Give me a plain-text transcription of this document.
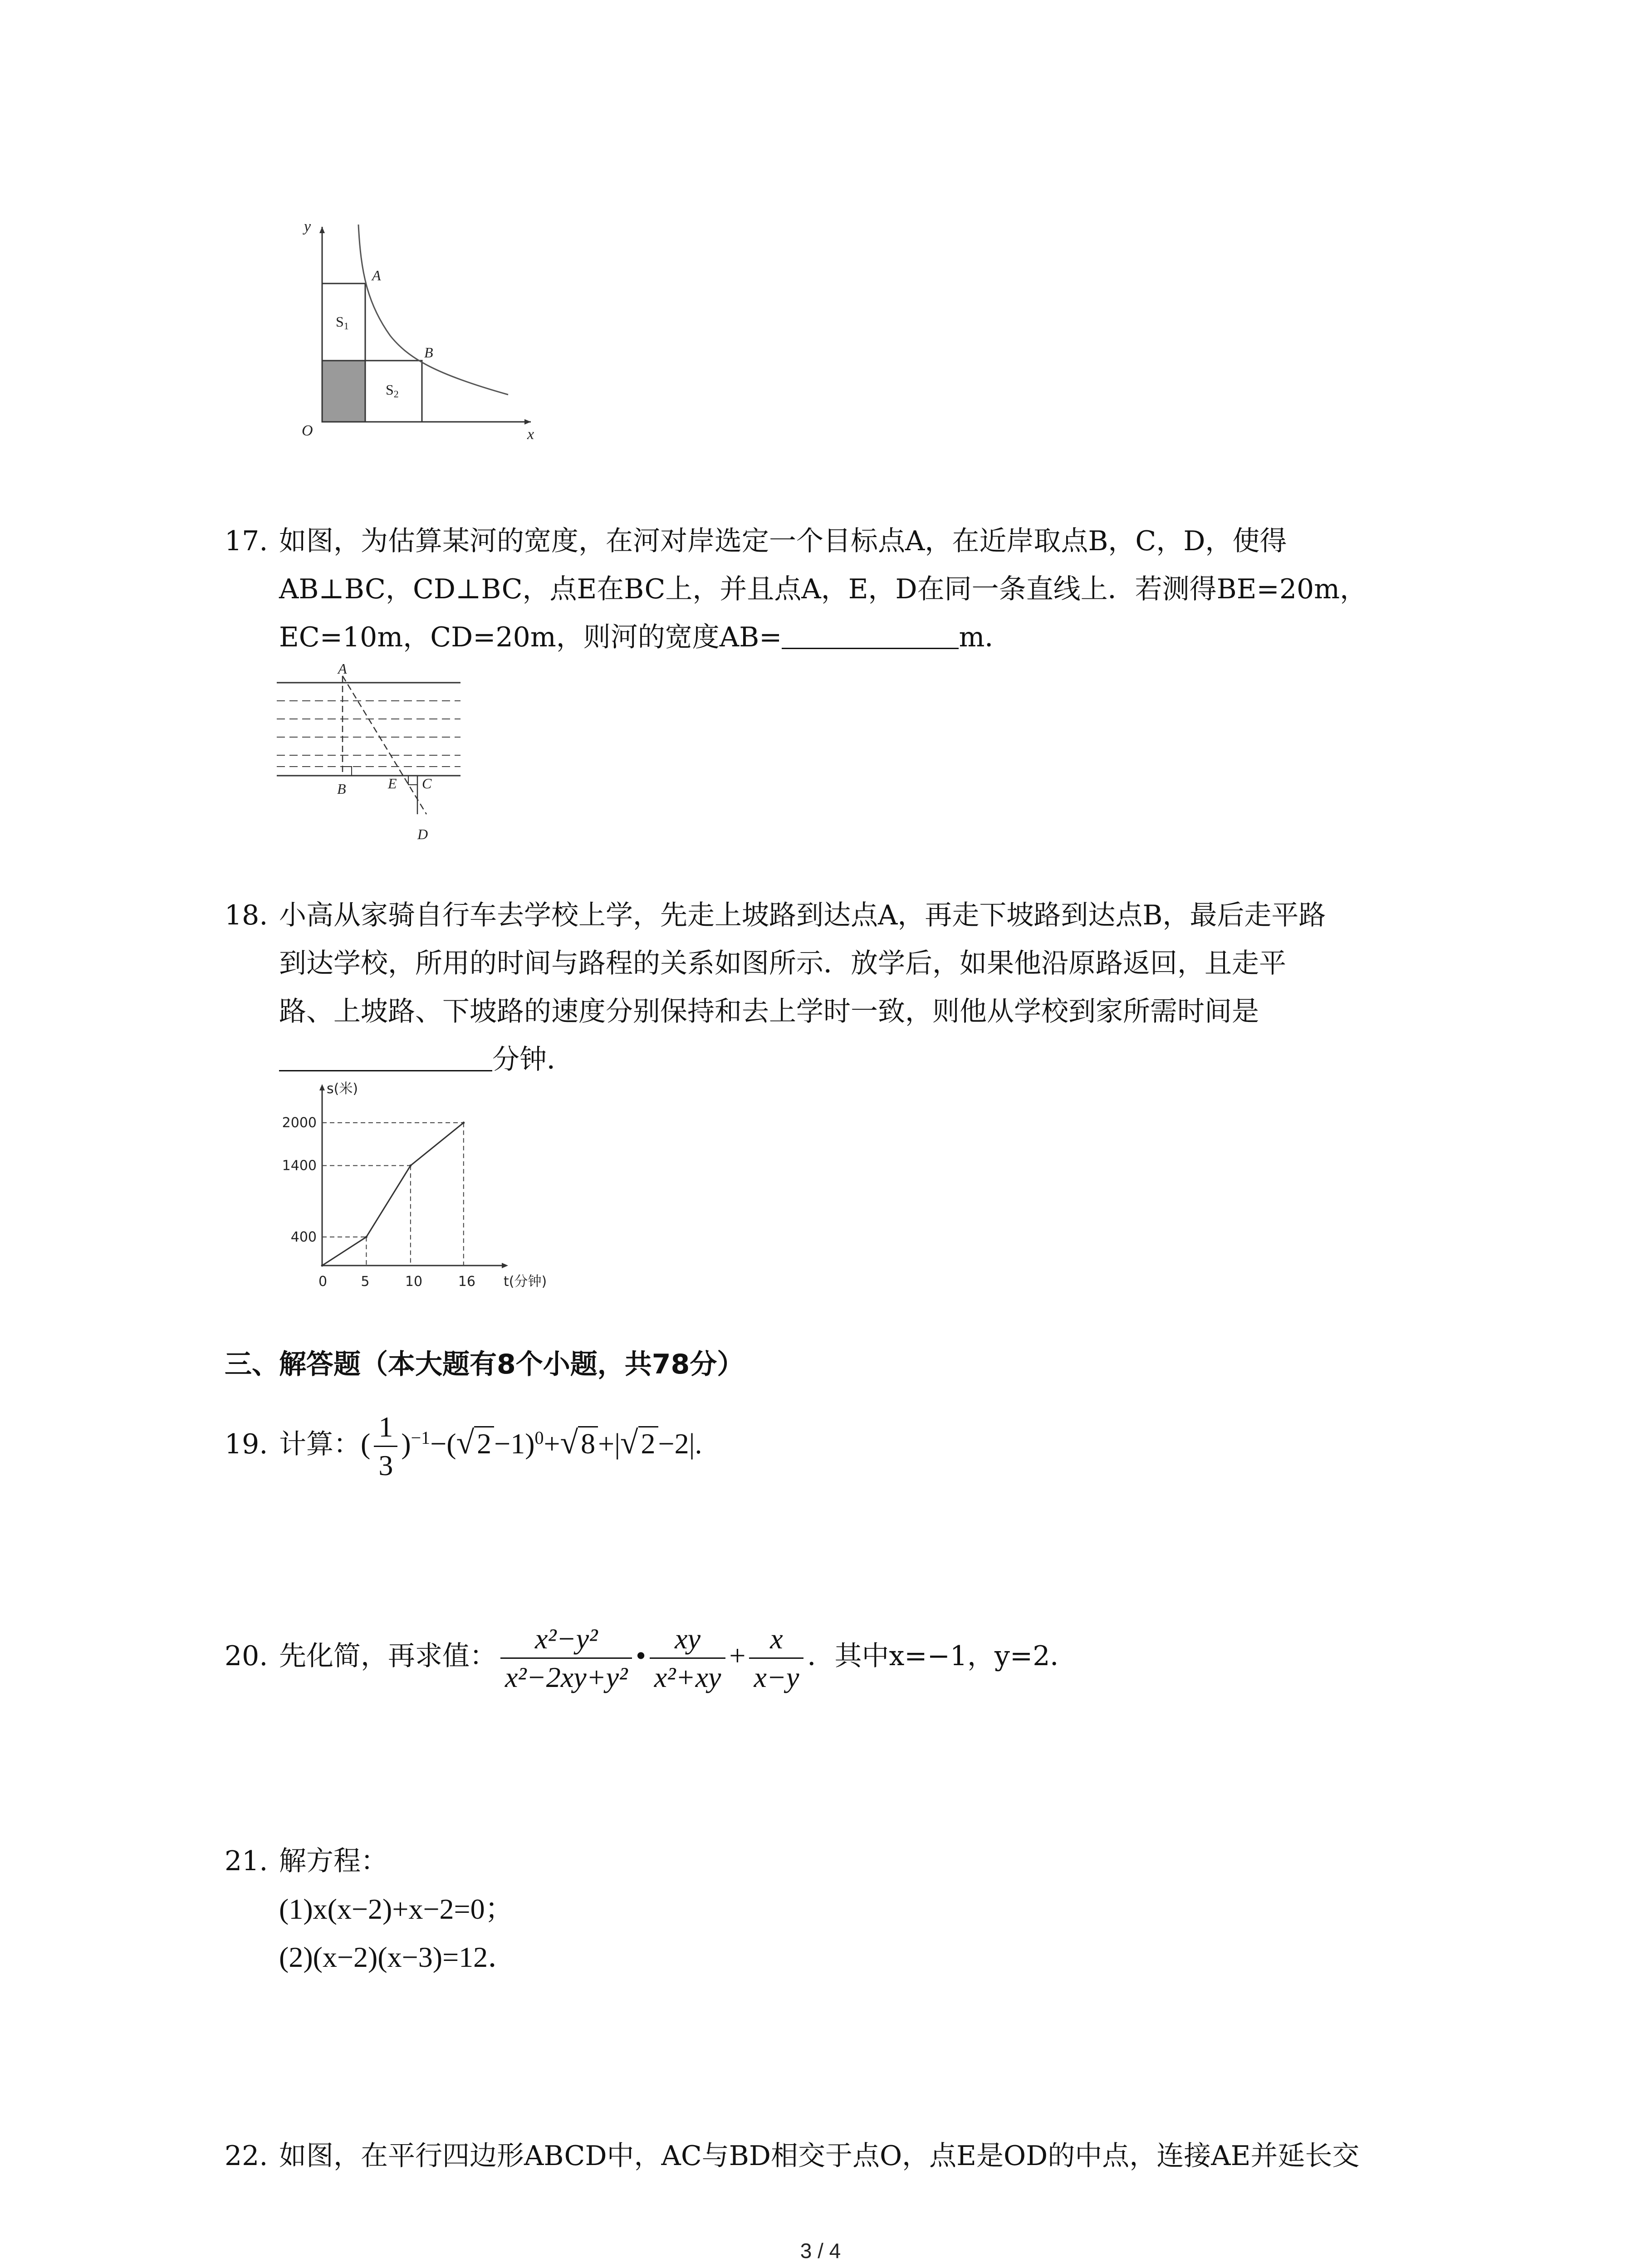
y
x
O
A
B
S1
S2
17. 如图，为估算某河的宽度，在河对岸选定一个目标点A，在近岸取点B，C，D，使得
AB⊥BC，CD⊥BC，点E在BC上，并且点A，E，D在同一条直线上．若测得BE=20m，
EC=10m，CD=20m，则河的宽度AB=	m．
A
B	E C
D
18. 小高从家骑自行车去学校上学，先走上坡路到达点A，再走下坡路到达点B，最后走平路
到达学校，所用的时间与路程的关系如图所示．放学后，如果他沿原路返回，且走平
路、上坡路、下坡路的速度分别保持和去上学时一致，则他从学校到家所需时间是
分钟．
s(米)
t(分钟)
0 5	10	16
400
1400
2000
三、解答题（本大题有8个小题，共78分）
19. 计算：( $\frac{1}{3} )^{-1}-(√2-1)^0+√8+|√2-2|$.
20. 先化简，再求值： $\frac{\text{x²−y²}}{\text{x²−2xy+y²}}$ • $\frac{xy}{\text{x²+xy}} + \frac{x}{x-y}$ ．其中x=−1，y=2．
21. 解方程：
(1)x(x−2)+x−2=0；
(2)(x−2)(x−3)=12．
22. 如图，在平行四边形ABCD中，AC与BD相交于点O，点E是OD的中点，连接AE并延长交
3 / 4
